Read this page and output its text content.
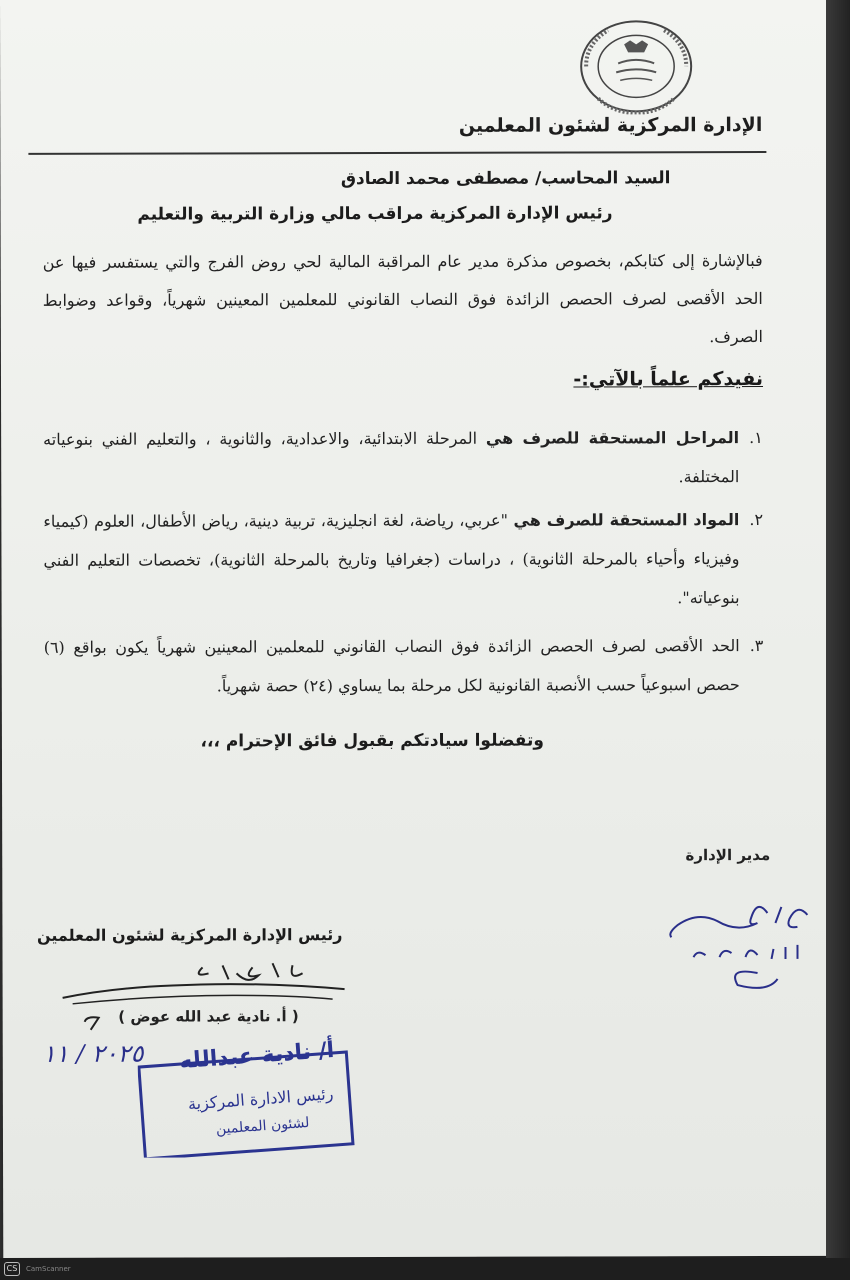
الإدارة المركزية لشئون المعلمين
السيد المحاسب/ مصطفى محمد الصادق
رئيس الإدارة المركزية مراقب مالي وزارة التربية والتعليم
فبالإشارة إلى كتابكم، بخصوص مذكرة مدير عام المراقبة المالية لحي روض الفرج والتي يستفسر فيها عن الحد الأقصى لصرف الحصص الزائدة فوق النصاب القانوني للمعلمين المعينين شهرياً، وقواعد وضوابط الصرف.
نفيدكم علماً بالآتي:-
١.
المراحل المستحقة للصرف هي المرحلة الابتدائية، والاعدادية، والثانوية ، والتعليم الفني بنوعياته المختلفة.
٢.
المواد المستحقة للصرف هي "عربي، رياضة، لغة انجليزية، تربية دينية، رياض الأطفال، العلوم (كيمياء وفيزياء وأحياء بالمرحلة الثانوية) ، دراسات (جغرافيا وتاريخ بالمرحلة الثانوية)، تخصصات التعليم الفني بنوعياته".
٣.
الحد الأقصى لصرف الحصص الزائدة فوق النصاب القانوني للمعلمين المعينين شهرياً يكون بواقع (٦) حصص اسبوعياً حسب الأنصبة القانونية لكل مرحلة بما يساوي (٢٤) حصة شهرياً.
وتفضلوا سيادتكم بقبول فائق الإحترام ،،،
مدير الإدارة
رئيس الإدارة المركزية لشئون المعلمين
( أ. نادية عبد الله عوض )
أ/ نادية عبدالله
رئيس الادارة المركزية
لشئون المعلمين
٢٠٢٥ / ١١
CS	CamScanner
